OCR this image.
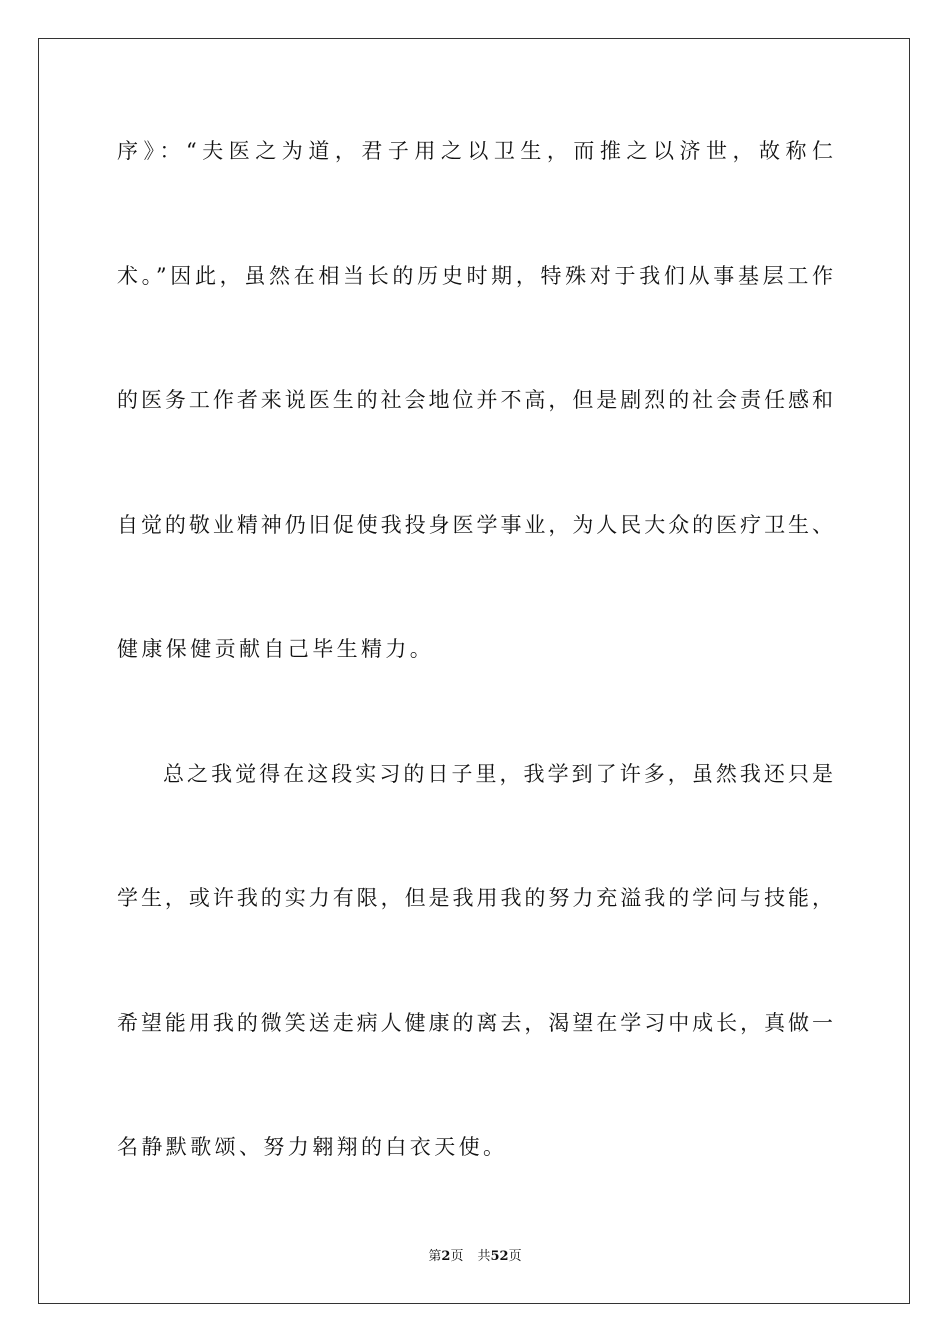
序》：“夫医之为道，君子用之以卫生，而推之以济世，故称仁
术。”因此，虽然在相当长的历史时期，特殊对于我们从事基层工作
的医务工作者来说医生的社会地位并不高，但是剧烈的社会责任感和
自觉的敬业精神仍旧促使我投身医学事业，为人民大众的医疗卫生、
健康保健贡献自己毕生精力。
总之我觉得在这段实习的日子里，我学到了许多，虽然我还只是
学生，或许我的实力有限，但是我用我的努力充溢我的学问与技能，
希望能用我的微笑送走病人健康的离去，渴望在学习中成长，真做一
名静默歌颂、努力翱翔的白衣天使。
第2页 共52页
